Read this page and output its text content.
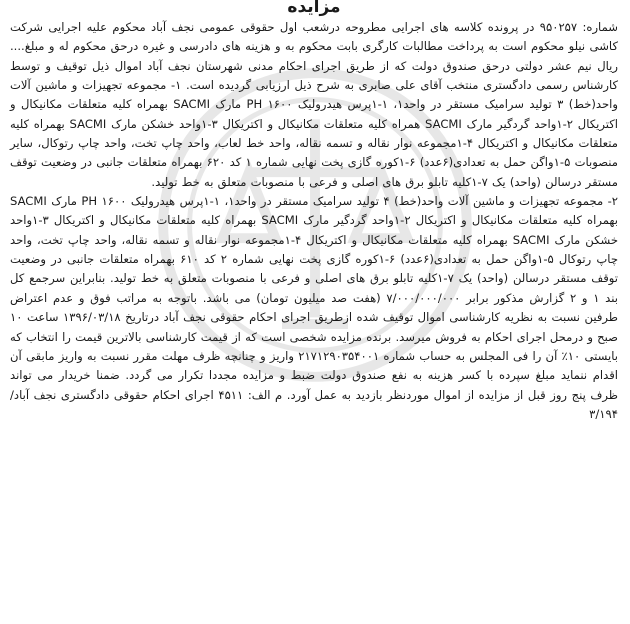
مزایده

شماره: ۹۵۰۲۵۷ در پرونده کلاسه های اجرایی مطروحه درشعب اول حقوقی عمومی نجف آباد محکوم علیه اجرایی شرکت کاشی نیلو محکوم است به پرداخت مطالبات کارگری بابت محکوم به و هزینه های دادرسی و غیره درحق محکوم له و مبلغ.... ریال نیم عشر دولتی درحق صندوق دولت که از طریق اجرای احکام مدنی شهرستان نجف آباد اموال ذیل توقیف و توسط کارشناس رسمی دادگستری منتخب آقای علی صابری به شرح ذیل ارزیابی گردیده است. ۱- مجموعه تجهیزات و ماشین آلات واحد(خط) ۳ تولید سرامیک مستقر در واحد۱، ۱-۱پرس هیدرولیک ۱۶۰۰ PH مارک SACMI بهمراه کلیه متعلقات مکانیکال و اکتریکال ۲-۱واحد گردگیر مارک SACMI همراه کلیه متعلقات مکانیکال و اکتریکال ۳-۱واحد خشکن مارک SACMI بهمراه کلیه متعلقات مکانیکال و اکتریکال ۴-۱مجموعه نوار نقاله و تسمه نقاله، واحد خط لعاب، واحد چاپ تخت، واحد چاپ رتوکال، سایر منصوبات ۵-۱واگن حمل به تعدادی(۶عدد) ۶-۱کوره گازی پخت نهایی شماره ۱ کد ۶۲۰ بهمراه متعلقات جانبی در وضعیت توقف مستقر درسالن (واحد) یک ۷-۱کلیه تابلو برق های اصلی و فرعی با منصوبات متعلق به خط تولید.

۲- مجموعه تجهیزات و ماشین آلات واحد(خط) ۴ تولید سرامیک مستقر در واحد۱، ۱-۱پرس هیدرولیک ۱۶۰۰ PH مارک SACMI بهمراه کلیه متعلقات مکانیکال و اکتریکال ۲-۱واحد گردگیر مارک SACMI بهمراه کلیه متعلقات مکانیکال و اکتریکال ۳-۱واحد خشکن مارک SACMI بهمراه کلیه متعلقات مکانیکال و اکتریکال ۴-۱مجموعه نوار نقاله و تسمه نقاله، واحد چاپ تخت، واحد چاپ رتوکال ۵-۱واگن حمل به تعدادی(۶عدد) ۶-۱کوره گازی پخت نهایی شماره ۲ کد ۶۱۰ بهمراه متعلقات جانبی در وضعیت توقف مستقر درسالن (واحد) یک ۷-۱کلیه تابلو برق های اصلی و فرعی با منصوبات متعلق به خط تولید. بنابراین سرجمع کل بند ۱ و ۲ گزارش مذکور برابر ۷/۰۰۰/۰۰۰/۰۰۰ (هفت صد میلیون تومان) می باشد. باتوجه به مراتب فوق و عدم اعتراض طرفین نسبت به نظریه کارشناسی اموال توقیف شده ازطریق اجرای احکام حقوقی نجف آباد درتاریخ ۱۳۹۶/۰۳/۱۸ ساعت ۱۰ صبح و درمحل اجرای احکام به فروش میرسد. برنده مزایده شخصی است که از قیمت کارشناسی بالاترین قیمت را انتخاب که بایستی ۱۰٪ آن را فی المجلس به حساب شماره ۲۱۷۱۲۹۰۳۵۴۰۰۱ واریز و چنانچه ظرف مهلت مقرر نسبت به واریز مابقی آن اقدام ننماید مبلغ سپرده با کسر هزینه به نفع صندوق دولت ضبط و مزایده مجددا تکرار می گردد. ضمنا خریدار می تواند ظرف پنج روز قبل از مزایده از اموال موردنظر بازدید به عمل آورد. م الف: ۴۵۱۱ اجرای احکام حقوقی دادگستری نجف آباد/۳/۱۹۴
